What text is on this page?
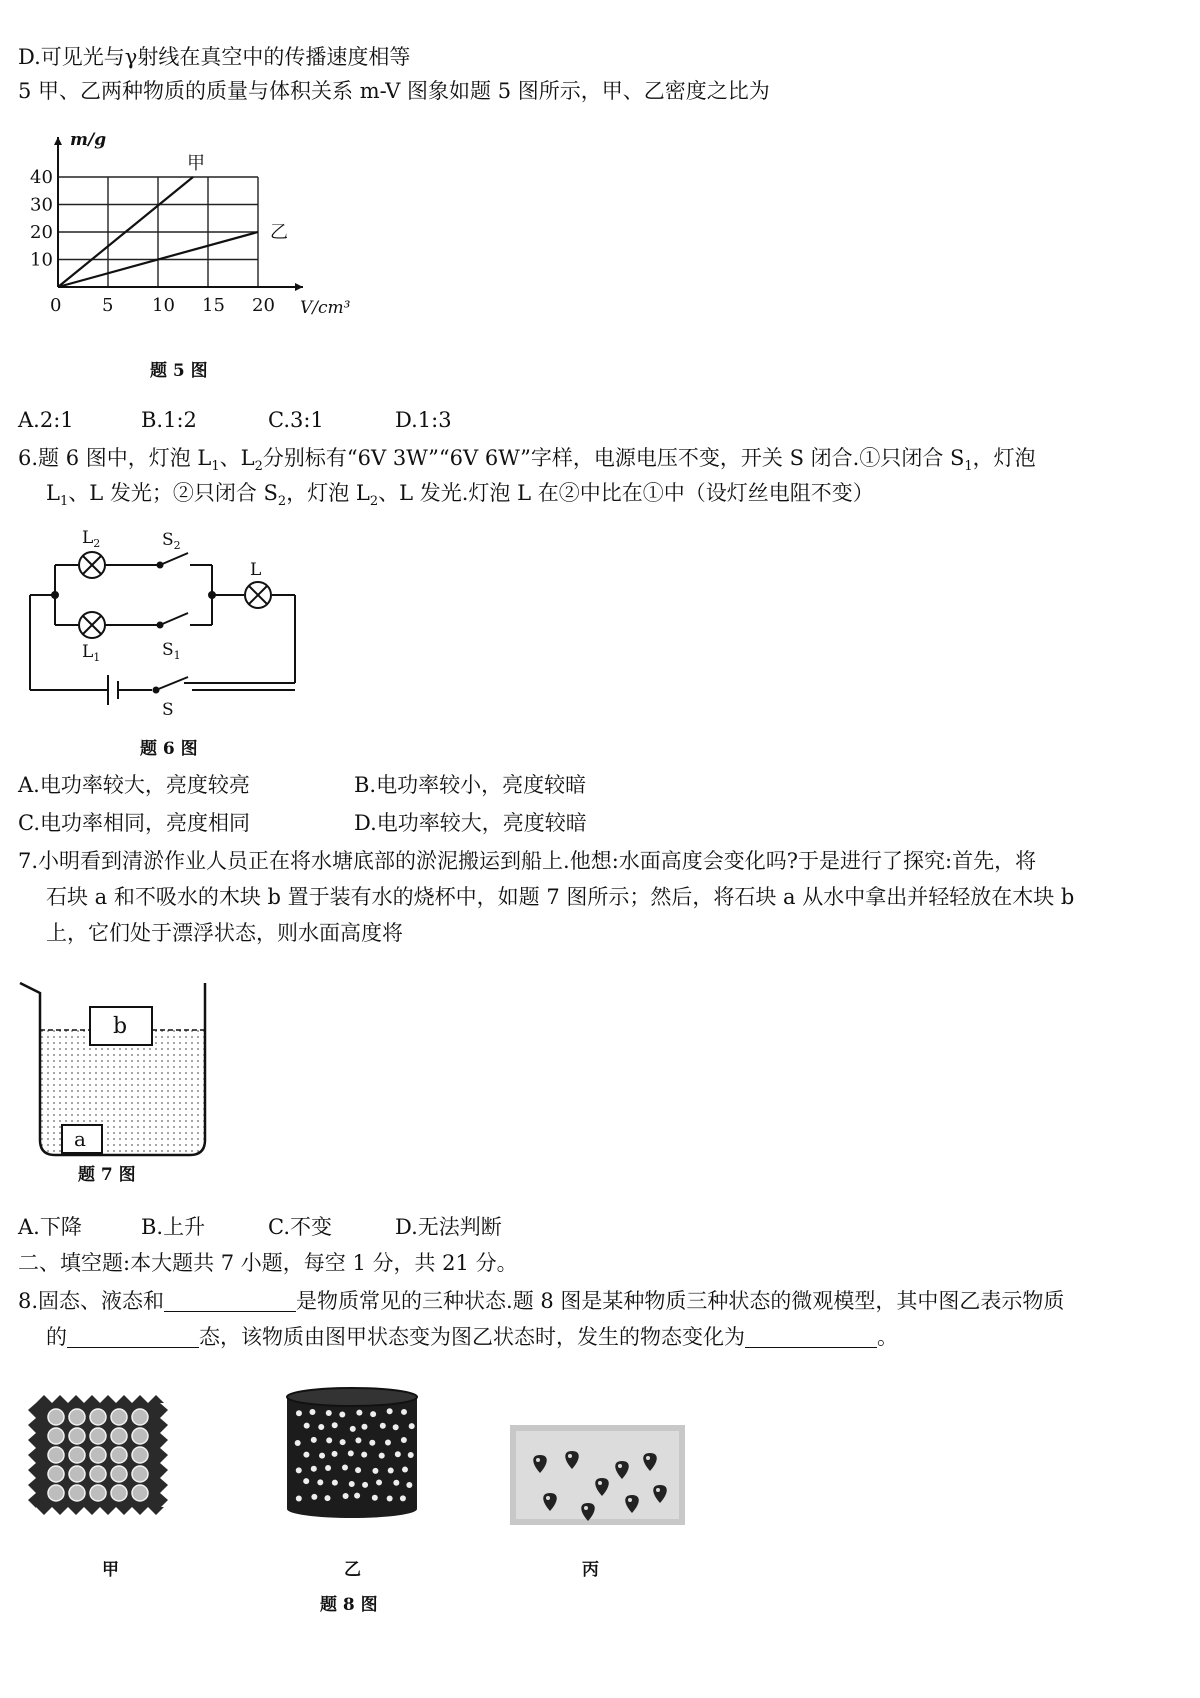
D.可见光与γ射线在真空中的传播速度相等
5 甲、乙两种物质的质量与体积关系 m-V 图象如题 5 图所示，甲、乙密度之比为
甲
乙
0 5 10 15 20
10
20
30
40
V/cm³
m/g
题 5 图
A.2:1	B.1:2	C.3:1	D.1:3
6.题 6 图中，灯泡 $L_1$、$L_2$分别标有“6V 3W”“6V 6W”字样，电源电压不变，开关 S 闭合.①只闭合 $S_1$，灯泡
$L_1$、L 发光；②只闭合 $S_2$，灯泡 $L_2$、L 发光.灯泡 L 在②中比在①中（设灯丝电阻不变）
$L_2$	$S_2$
L
$L_1$	$S_1$
S
题 6 图
A.电功率较大，亮度较亮	B.电功率较小，亮度较暗
C.电功率相同，亮度相同	D.电功率较大，亮度较暗
7.小明看到清淤作业人员正在将水塘底部的淤泥搬运到船上.他想:水面高度会变化吗?于是进行了探究:首先，将
石块 a 和不吸水的木块 b 置于装有水的烧杯中，如题 7 图所示；然后，将石块 a 从水中拿出并轻轻放在木块 b
上，它们处于漂浮状态，则水面高度将
b
a
题 7 图
A.下降	B.上升	C.不变	D.无法判断
二、填空题:本大题共 7 小题，每空 1 分，共 21 分。
8.固态、液态和	是物质常见的三种状态.题 8 图是某种物质三种状态的微观模型，其中图乙表示物质
的	态，该物质由图甲状态变为图乙状态时，发生的物态变化为	。
甲	乙	丙
题 8 图
